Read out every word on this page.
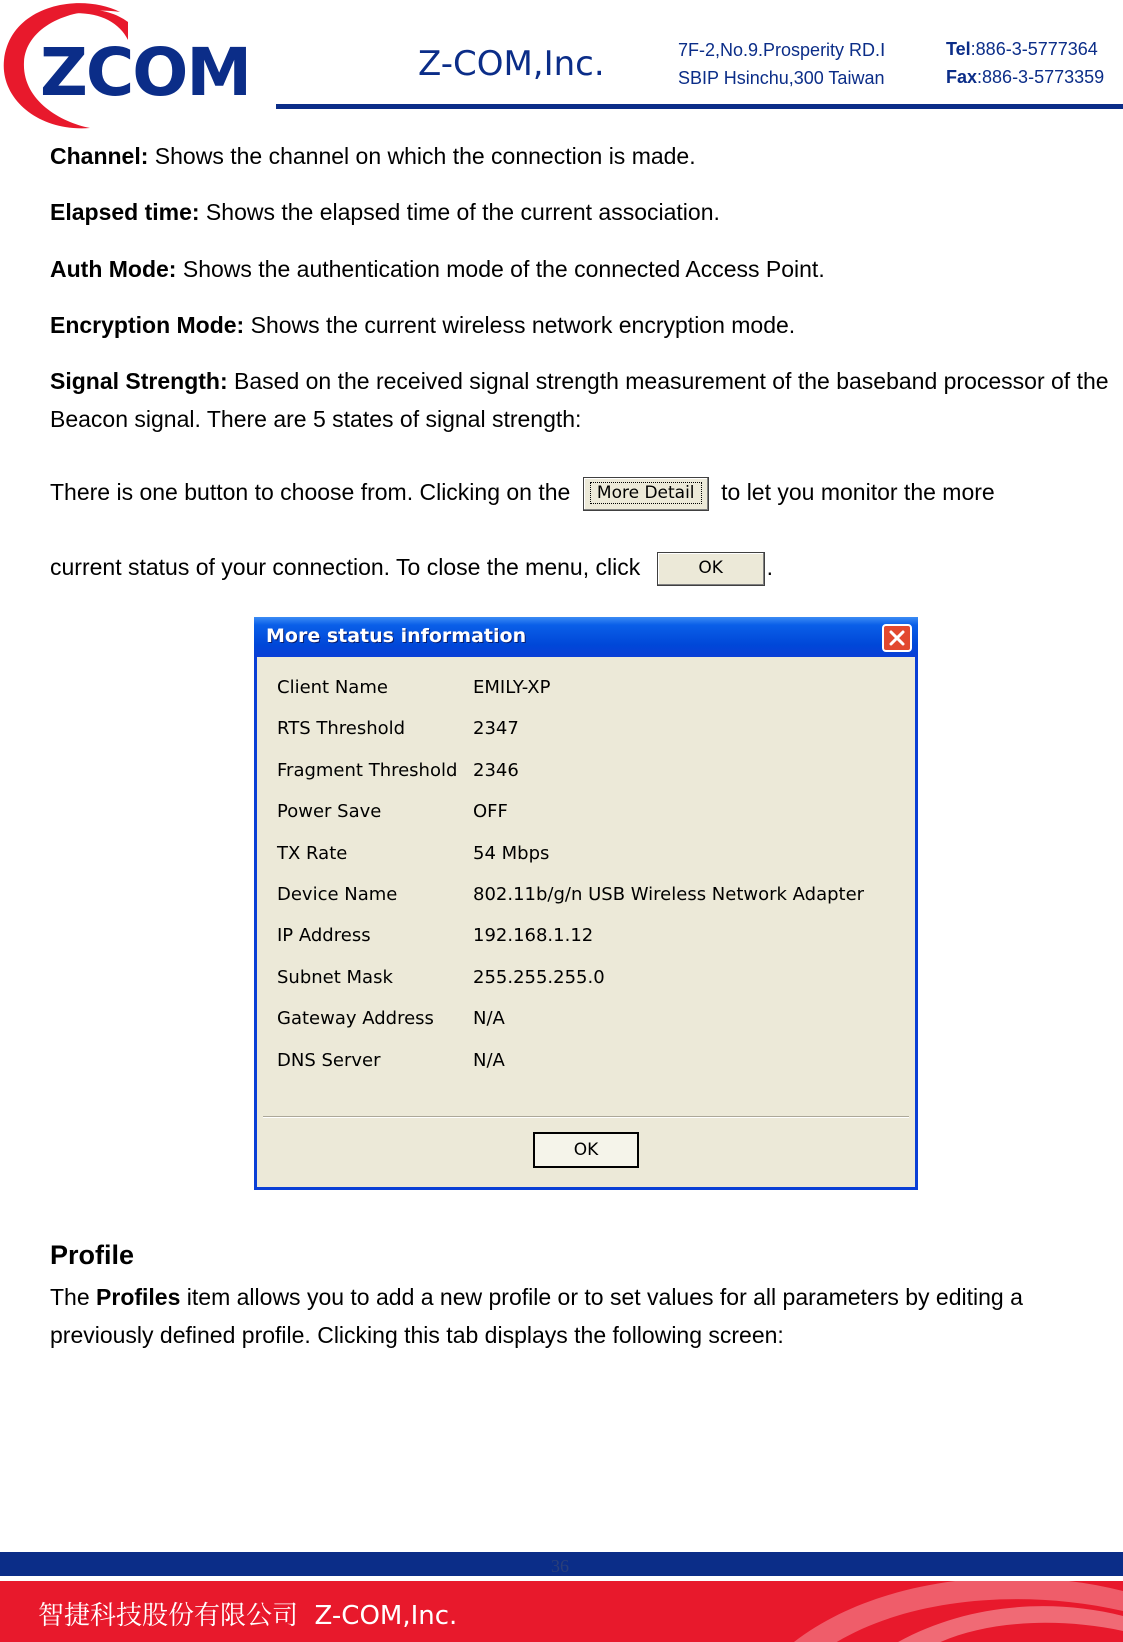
ZCOM	Z-COM,Inc.	7F-2,No.9.Prosperity RD.Ⅰ
SBIP Hsinchu,300 Taiwan
Tel:886-3-5777364
Fax:886-3-5773359
Channel: Shows the channel on which the connection is made.
Elapsed time: Shows the elapsed time of the current association.
Auth Mode: Shows the authentication mode of the connected Access Point.
Encryption Mode: Shows the current wireless network encryption mode.
Signal Strength: Based on the received signal strength measurement of the baseband processor of the Beacon signal. There are 5 states of signal strength:
There is one button to choose from. Clicking on the More Detail to let you monitor the more
current status of your connection. To close the menu, click	OK .
More status information
Client Name	EMILY-XP
RTS Threshold	2347
Fragment Threshold 2346
Power Save	OFF
TX Rate	54 Mbps
Device Name	802.11b/g/n USB Wireless Network Adapter
IP Address	192.168.1.12
Subnet Mask	255.255.255.0
Gateway Address N/A
DNS Server	N/A
OK
Profile
The Profiles item allows you to add a new profile or to set values for all parameters by editing a previously defined profile. Clicking this tab displays the following screen:
36
智捷科技股份有限公司 Z-COM,Inc.
